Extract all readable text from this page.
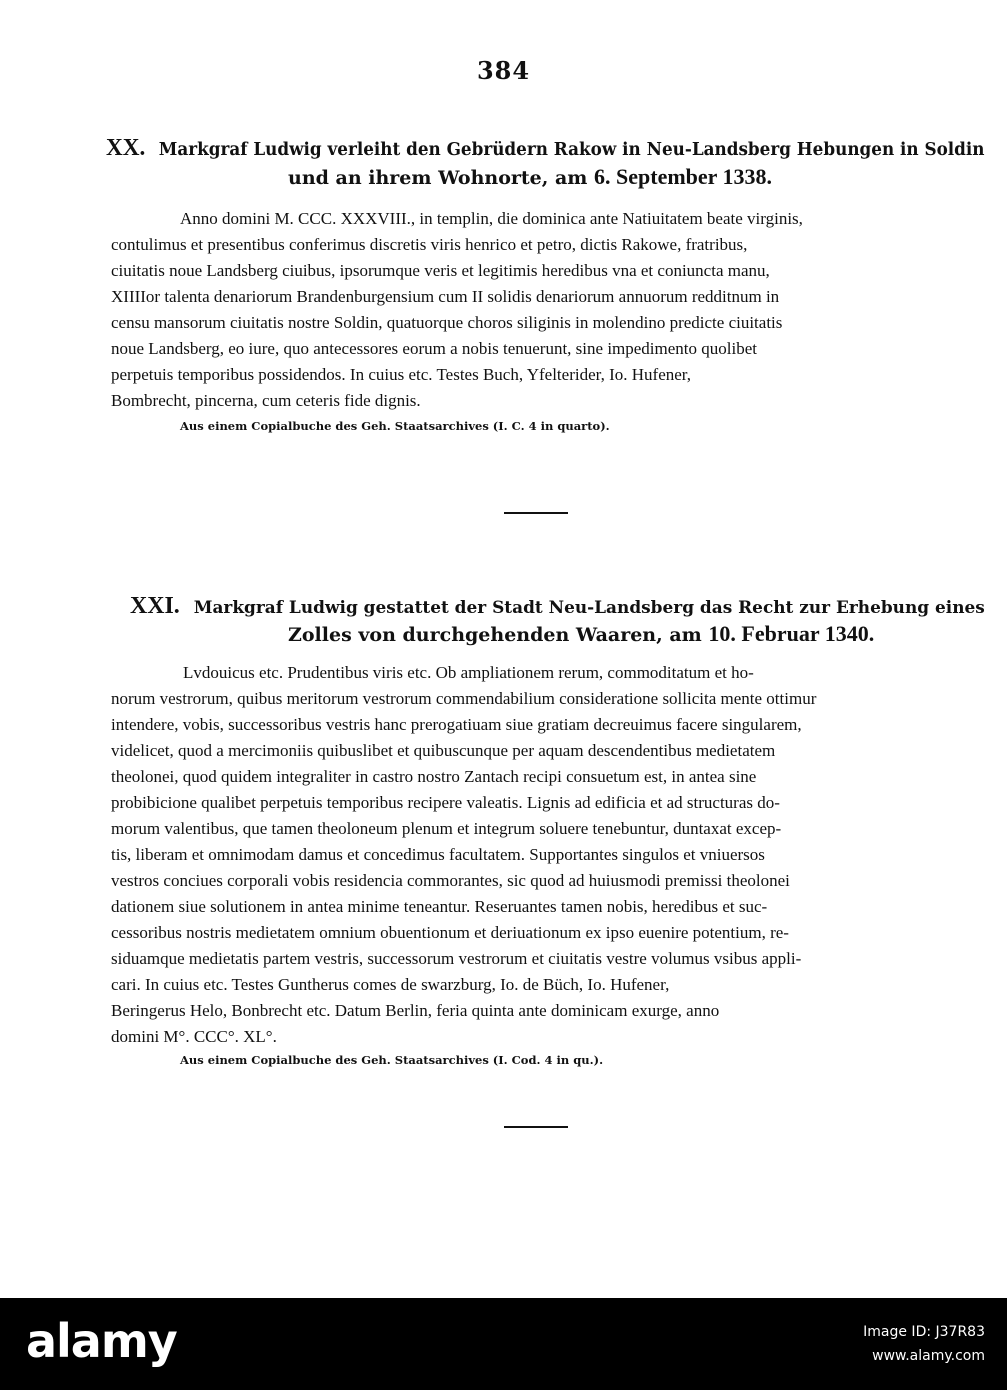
384
XX. Markgraf Ludwig verleiht den Gebrüdern Rakow in Neu-Landsberg Hebungen in Soldin
und an ihrem Wohnorte, am 6. September 1338.
Anno domini M. CCC. XXXVIII., in templin, die dominica ante Natiuitatem beate virginis,
contulimus et presentibus conferimus discretis viris henrico et petro, dictis Rakowe, fratribus,
ciuitatis noue Landsberg ciuibus, ipsorumque veris et legitimis heredibus vna et coniuncta manu,
XIIIIor talenta denariorum Brandenburgensium cum II solidis denariorum annuorum redditnum in
censu mansorum ciuitatis nostre Soldin, quatuorque choros siliginis in molendino predicte ciuitatis
noue Landsberg, eo iure, quo antecessores eorum a nobis tenuerunt, sine impedimento quolibet
perpetuis temporibus possidendos. In cuius etc. Testes Buch, Yfelterider, Io. Hufener,
Bombrecht, pincerna, cum ceteris fide dignis.
Aus einem Copialbuche des Geh. Staatsarchives (I. C. 4 in quarto).
XXI. Markgraf Ludwig gestattet der Stadt Neu-Landsberg das Recht zur Erhebung eines
Zolles von durchgehenden Waaren, am 10. Februar 1340.
Lvdouicus etc. Prudentibus viris etc. Ob ampliationem rerum, commoditatum et ho-
norum vestrorum, quibus meritorum vestrorum commendabilium consideratione sollicita mente ottimur
intendere, vobis, successoribus vestris hanc prerogatiuam siue gratiam decreuimus facere singularem,
videlicet, quod a mercimoniis quibuslibet et quibuscunque per aquam descendentibus medietatem
theolonei, quod quidem integraliter in castro nostro Zantach recipi consuetum est, in antea sine
probibicione qualibet perpetuis temporibus recipere valeatis. Lignis ad edificia et ad structuras do-
morum valentibus, que tamen theoloneum plenum et integrum soluere tenebuntur, duntaxat excep-
tis, liberam et omnimodam damus et concedimus facultatem. Supportantes singulos et vniuersos
vestros conciues corporali vobis residencia commorantes, sic quod ad huiusmodi premissi theolonei
dationem siue solutionem in antea minime teneantur. Reseruantes tamen nobis, heredibus et suc-
cessoribus nostris medietatem omnium obuentionum et deriuationum ex ipso euenire potentium, re-
siduamque medietatis partem vestris, successorum vestrorum et ciuitatis vestre volumus vsibus appli-
cari. In cuius etc. Testes Guntherus comes de swarzburg, Io. de Büch, Io. Hufener,
Beringerus Helo, Bonbrecht etc. Datum Berlin, feria quinta ante dominicam exurge, anno
domini M°. CCC°. XL°.
Aus einem Copialbuche des Geh. Staatsarchives (I. Cod. 4 in qu.).
alamy	Image ID: J37R83
www.alamy.com
